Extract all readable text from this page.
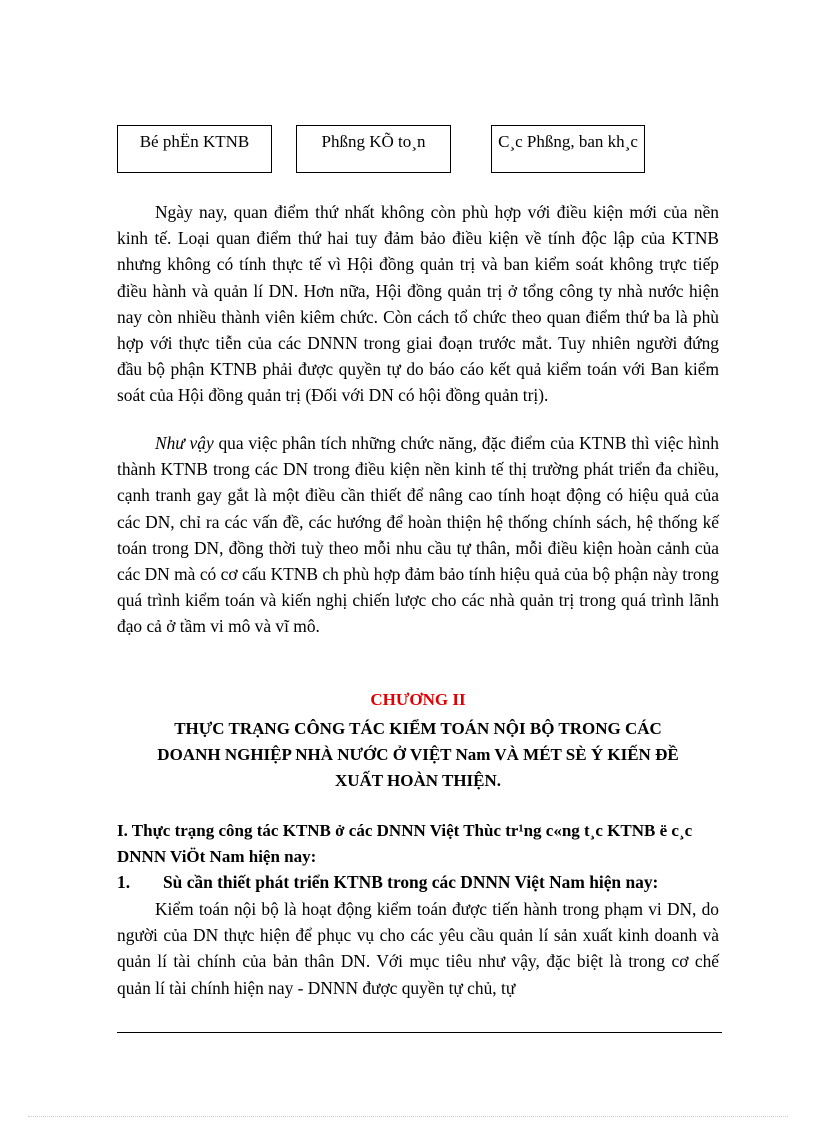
Bé phËn KTNB	Phßng KÕ to¸n	C¸c Phßng, ban kh¸c

Ngày nay, quan điểm thứ nhất không còn phù hợp với điều kiện mới của nền kinh tế. Loại quan điểm thứ hai tuy đảm bảo điều kiện về tính độc lập của KTNB nhưng không có tính thực tế vì Hội đồng quản trị và ban kiểm soát không trực tiếp điều hành và quản lí DN. Hơn nữa, Hội đồng quản trị ở tổng công ty nhà nước hiện nay còn nhiều thành viên kiêm chức. Còn cách tổ chức theo quan điểm thứ ba là phù hợp với thực tiễn của các DNNN trong giai đoạn trước mắt. Tuy nhiên người đứng đầu bộ phận KTNB phải được quyền tự do báo cáo kết quả kiểm toán với Ban kiểm soát của Hội đồng quản trị (Đối với DN có hội đồng quản trị).

Như vậy qua việc phân tích những chức năng, đặc điểm của KTNB thì việc hình thành KTNB trong các DN trong điều kiện nền kinh tế thị trường phát triển đa chiều, cạnh tranh gay gắt là một điều cần thiết để nâng cao tính hoạt động có hiệu quả của các DN, chỉ ra các vấn đề, các hướng để hoàn thiện hệ thống chính sách, hệ thống kế toán trong DN, đồng thời tuỳ theo mỗi nhu cầu tự thân, mỗi điều kiện hoàn cảnh của các DN mà có cơ cấu KTNB ch phù hợp đảm bảo tính hiệu quả của bộ phận này trong quá trình kiểm toán và kiến nghị chiến lược cho các nhà quản trị trong quá trình lãnh đạo cả ở tầm vi mô và vĩ mô.

CHƯƠNG II

THỰC TRẠNG CÔNG TÁC KIỂM TOÁN NỘI BỘ TRONG CÁC
DOANH NGHIỆP NHÀ NƯỚC Ở VIỆT Nam VÀ MÉT SÈ Ý KIẾN ĐỀ
XUẤT HOÀN THIỆN.

I. Thực trạng công tác KTNB ở các DNNN Việt Thùc tr¹ng c«ng t¸c KTNB ë c¸c DNNN ViÖt Nam hiện nay:

1. Sù cần thiết phát triển KTNB trong các DNNN Việt Nam hiện nay:

Kiểm toán nội bộ là hoạt động kiểm toán được tiến hành trong phạm vi DN, do người của DN thực hiện để phục vụ cho các yêu cầu quản lí sản xuất kinh doanh và quản lí tài chính của bản thân DN. Với mục tiêu như vậy, đặc biệt là trong cơ chế quản lí tài chính hiện nay - DNNN được quyền tự chủ, tự
